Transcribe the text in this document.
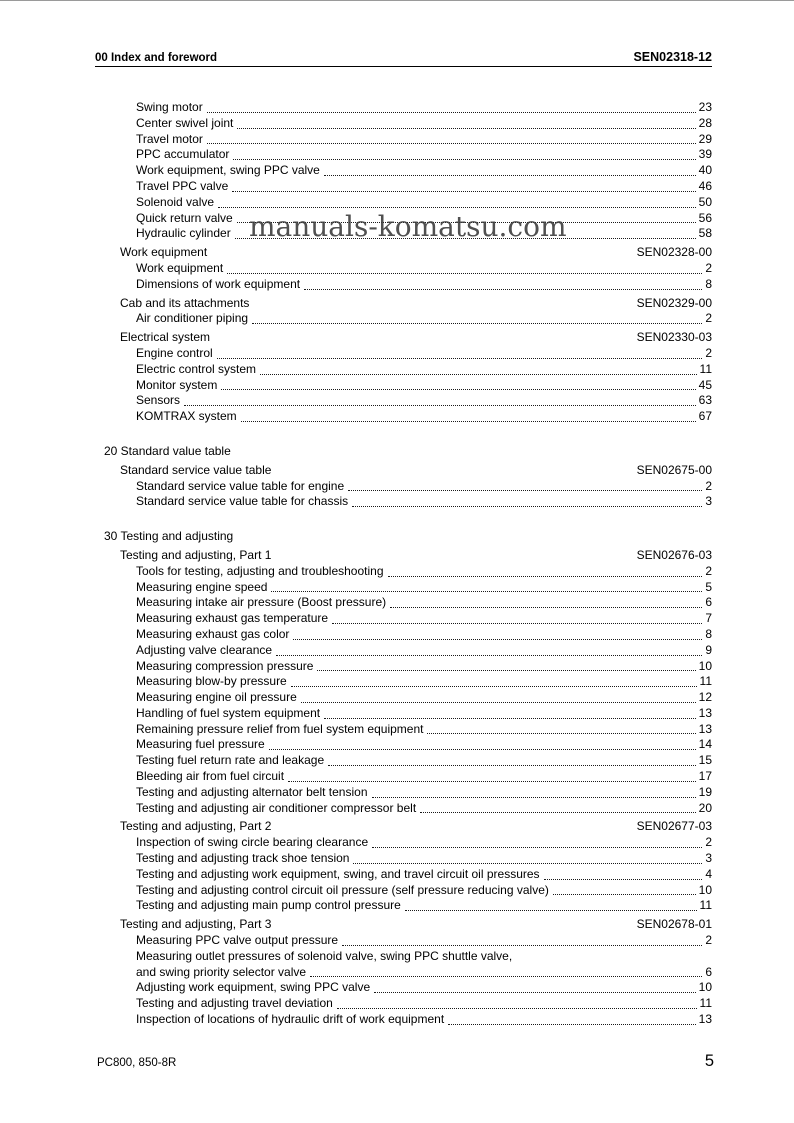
00 Index and foreword	SEN02318-12
Swing motor	23
Center swivel joint	28
Travel motor	29
PPC accumulator	39
Work equipment, swing PPC valve	40
Travel PPC valve	46
Solenoid valve	50
Quick return valve	56
Hydraulic cylinder	58
Work equipment	SEN02328-00
Work equipment	2
Dimensions of work equipment	8
Cab and its attachments	SEN02329-00
Air conditioner piping	2
Electrical system	SEN02330-03
Engine control	2
Electric control system	11
Monitor system	45
Sensors	63
KOMTRAX system	67
20 Standard value table
Standard service value table	SEN02675-00
Standard service value table for engine	2
Standard service value table for chassis	3
30 Testing and adjusting
Testing and adjusting, Part 1	SEN02676-03
Tools for testing, adjusting and troubleshooting	2
Measuring engine speed	5
Measuring intake air pressure (Boost pressure)	6
Measuring exhaust gas temperature	7
Measuring exhaust gas color	8
Adjusting valve clearance	9
Measuring compression pressure	10
Measuring blow-by pressure	11
Measuring engine oil pressure	12
Handling of fuel system equipment	13
Remaining pressure relief from fuel system equipment	13
Measuring fuel pressure	14
Testing fuel return rate and leakage	15
Bleeding air from fuel circuit	17
Testing and adjusting alternator belt tension	19
Testing and adjusting air conditioner compressor belt	20
Testing and adjusting, Part 2	SEN02677-03
Inspection of swing circle bearing clearance	2
Testing and adjusting track shoe tension	3
Testing and adjusting work equipment, swing, and travel circuit oil pressures	4
Testing and adjusting control circuit oil pressure (self pressure reducing valve)	10
Testing and adjusting main pump control pressure	11
Testing and adjusting, Part 3	SEN02678-01
Measuring PPC valve output pressure	2
Measuring outlet pressures of solenoid valve, swing PPC shuttle valve,
and swing priority selector valve	6
Adjusting work equipment, swing PPC valve	10
Testing and adjusting travel deviation	11
Inspection of locations of hydraulic drift of work equipment	13
manuals-komatsu.com
PC800, 850-8R	5
